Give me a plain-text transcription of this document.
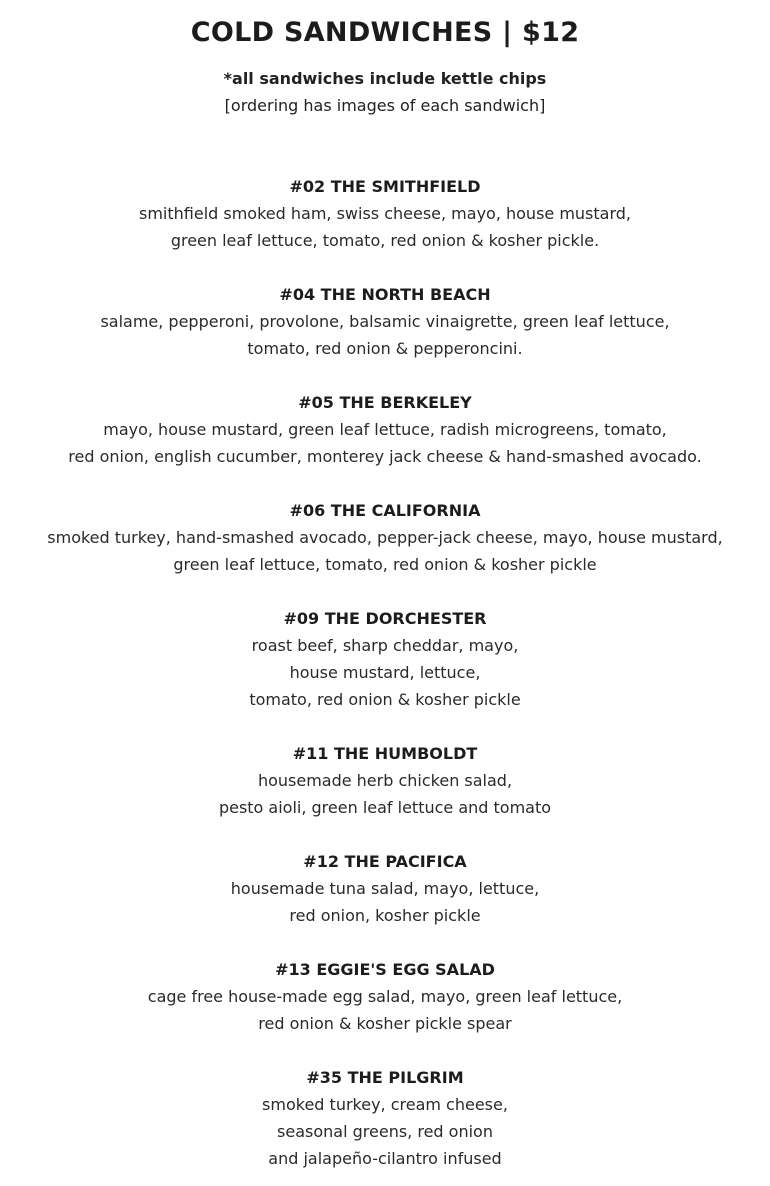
COLD SANDWICHES | $12
*all sandwiches include kettle chips
[ordering has images of each sandwich]
#02 THE SMITHFIELD
smithfield smoked ham, swiss cheese, mayo, house mustard,
green leaf lettuce, tomato, red onion & kosher pickle.
#04 THE NORTH BEACH
salame, pepperoni, provolone, balsamic vinaigrette, green leaf lettuce,
tomato, red onion & pepperoncini.
#05 THE BERKELEY
mayo, house mustard, green leaf lettuce, radish microgreens, tomato,
red onion, english cucumber, monterey jack cheese & hand-smashed avocado.
#06 THE CALIFORNIA
smoked turkey, hand-smashed avocado, pepper-jack cheese, mayo, house mustard,
green leaf lettuce, tomato, red onion & kosher pickle
#09 THE DORCHESTER
roast beef, sharp cheddar, mayo,
house mustard, lettuce,
tomato, red onion & kosher pickle
#11 THE HUMBOLDT
housemade herb chicken salad,
pesto aioli, green leaf lettuce and tomato
#12 THE PACIFICA
housemade tuna salad, mayo, lettuce,
red onion, kosher pickle
#13 EGGIE'S EGG SALAD
cage free house-made egg salad, mayo, green leaf lettuce,
red onion & kosher pickle spear
#35 THE PILGRIM
smoked turkey, cream cheese,
seasonal greens, red onion
and jalapeño-cilantro infused
